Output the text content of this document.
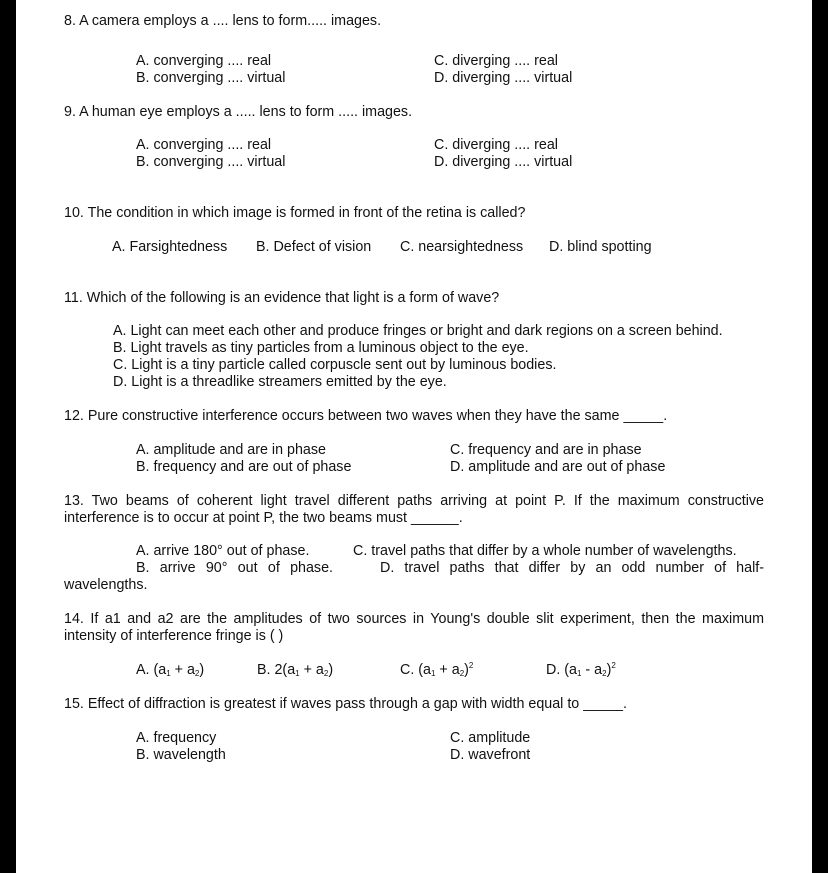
8. A camera employs a .... lens to form..... images.
A. converging .... real
B. converging .... virtual
C. diverging .... real
D. diverging .... virtual
9. A human eye employs a ..... lens to form ..... images.
A. converging .... real
B. converging .... virtual
C. diverging .... real
D. diverging .... virtual
10. The condition in which image is formed in front of the retina is called?
A. Farsightedness B. Defect of vision C. nearsightedness D. blind spotting
11. Which of the following is an evidence that light is a form of wave?
A. Light can meet each other and produce fringes or bright and dark regions on a screen behind.
B. Light travels as tiny particles from a luminous object to the eye.
C. Light is a tiny particle called corpuscle sent out by luminous bodies.
D. Light is a threadlike streamers emitted by the eye.
12. Pure constructive interference occurs between two waves when they have the same _____.
A. amplitude and are in phase
B. frequency and are out of phase
C. frequency and are in phase
D. amplitude and are out of phase
13. Two beams of coherent light travel different paths arriving at point P. If the maximum constructive
interference is to occur at point P, the two beams must ______.
A. arrive 180° out of phase.	C. travel paths that differ by a whole number of wavelengths.
B. arrive 90° out of phase.	D. travel paths that differ by an odd number of half-
wavelengths.
14. If a1 and a2 are the amplitudes of two sources in Young's double slit experiment, then the maximum
intensity of interference fringe is ( )
A. $(a_1 + a_2)$	B. $2(a_1 + a_2)$	C. $(a_1 + a_2)^2$	D. $(a_1 - a_2)^2$
15. Effect of diffraction is greatest if waves pass through a gap with width equal to _____.
A. frequency
B. wavelength
C. amplitude
D. wavefront
